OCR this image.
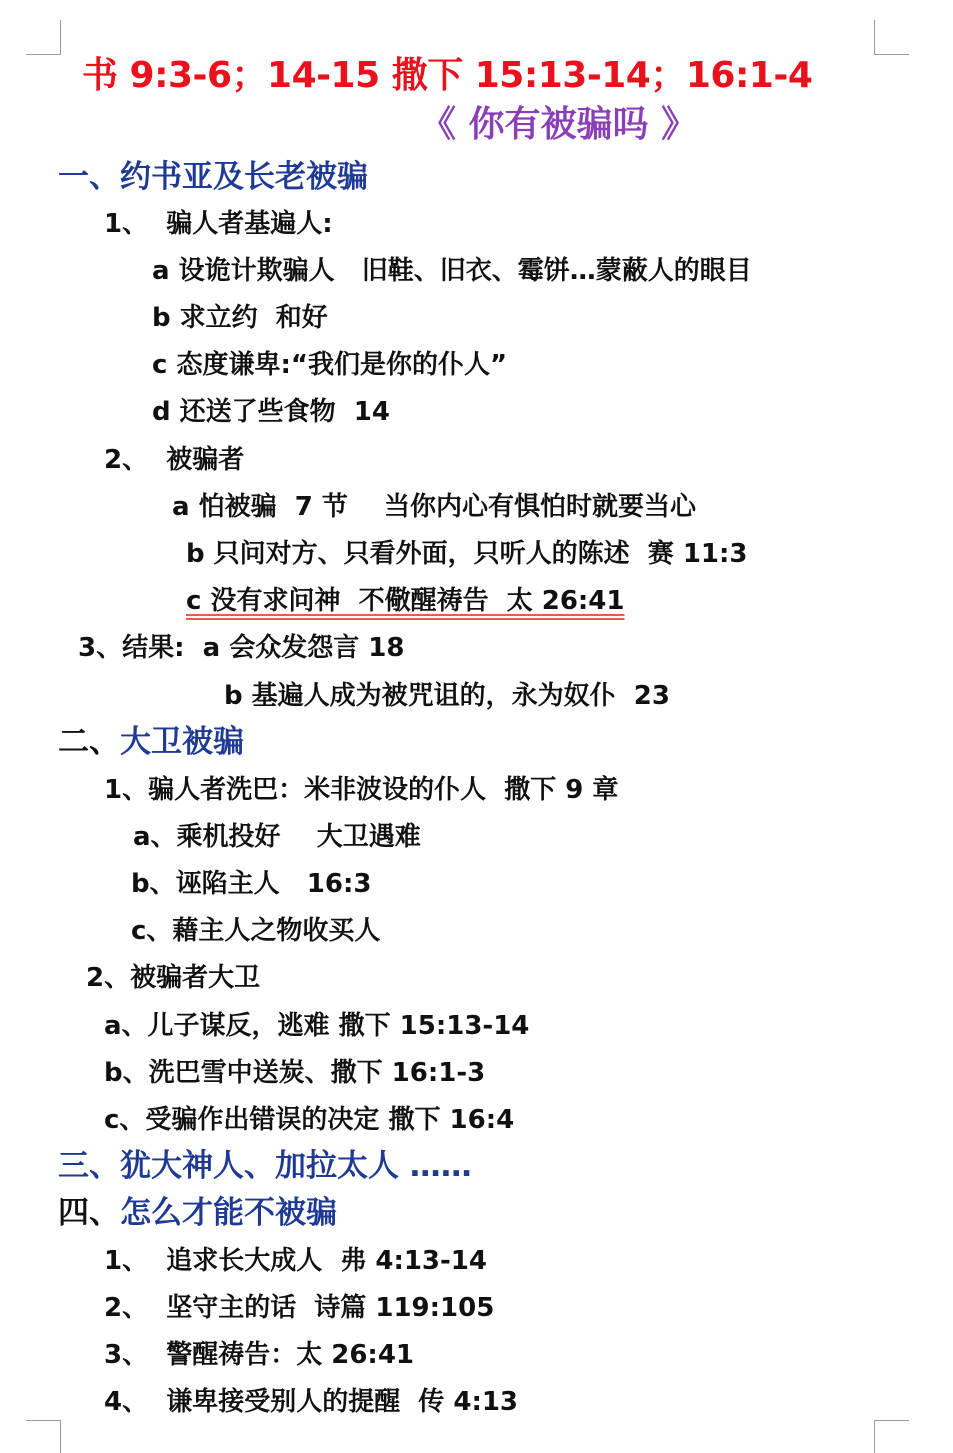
书 9:3-6；14-15 撒下 15:13-14；16:1-4
《 你有被骗吗 》
一、约书亚及长老被骗
1、  骗人者基遍人:
a 设诡计欺骗人   旧鞋、旧衣、霉饼…蒙蔽人的眼目
b 求立约  和好
c 态度谦卑:“我们是你的仆人”
d 还送了些食物  14
2、  被骗者
a 怕被骗  7 节    当你内心有惧怕时就要当心
b 只问对方、只看外面，只听人的陈述  赛 11:3
c 没有求问神  不儆醒祷告  太 26:41
3、结果:  a 会众发怨言 18
b 基遍人成为被咒诅的，永为奴仆  23
二、大卫被骗
1、骗人者洗巴：米非波设的仆人  撒下 9 章
a、乘机投好    大卫遇难
b、诬陷主人   16:3
c、藉主人之物收买人
2、被骗者大卫
a、儿子谋反，逃难 撒下 15:13-14
b、洗巴雪中送炭、撒下 16:1-3
c、受骗作出错误的决定 撒下 16:4
三、犹大神人、加拉太人 ……
四、怎么才能不被骗
1、  追求长大成人  弗 4:13-14
2、  坚守主的话  诗篇 119:105
3、  警醒祷告：太 26:41
4、  谦卑接受别人的提醒  传 4:13
